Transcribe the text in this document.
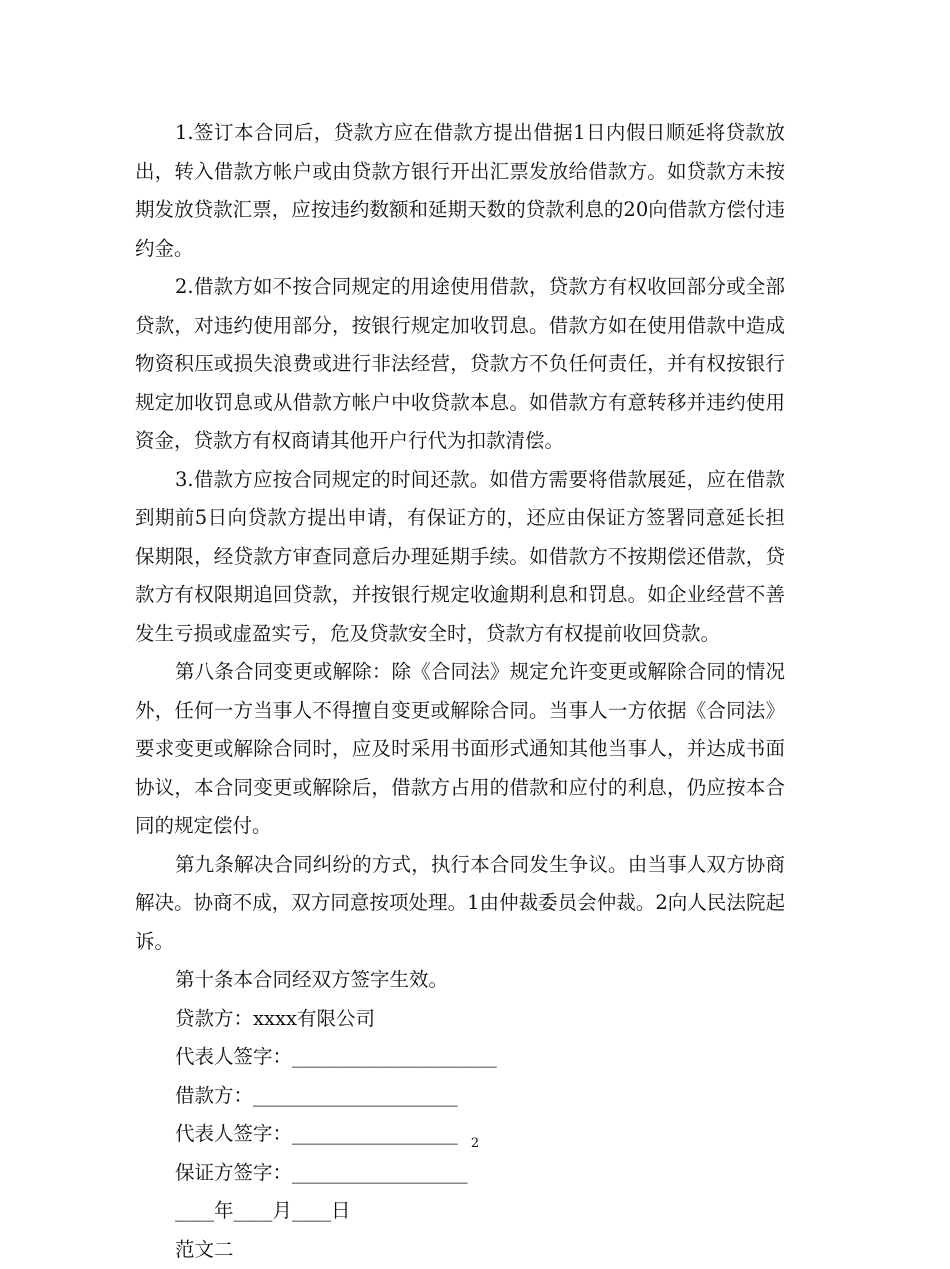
1.签订本合同后，贷款方应在借款方提出借据1日内假日顺延将贷款放出，转入借款方帐户或由贷款方银行开出汇票发放给借款方。如贷款方未按期发放贷款汇票，应按违约数额和延期天数的贷款利息的20向借款方偿付违约金。

2.借款方如不按合同规定的用途使用借款，贷款方有权收回部分或全部贷款，对违约使用部分，按银行规定加收罚息。借款方如在使用借款中造成物资积压或损失浪费或进行非法经营，贷款方不负任何责任，并有权按银行规定加收罚息或从借款方帐户中收贷款本息。如借款方有意转移并违约使用资金，贷款方有权商请其他开户行代为扣款清偿。

3.借款方应按合同规定的时间还款。如借方需要将借款展延，应在借款到期前5日向贷款方提出申请，有保证方的，还应由保证方签署同意延长担保期限，经贷款方审查同意后办理延期手续。如借款方不按期偿还借款，贷款方有权限期追回贷款，并按银行规定收逾期利息和罚息。如企业经营不善发生亏损或虚盈实亏，危及贷款安全时，贷款方有权提前收回贷款。

第八条合同变更或解除：除《合同法》规定允许变更或解除合同的情况外，任何一方当事人不得擅自变更或解除合同。当事人一方依据《合同法》要求变更或解除合同时，应及时采用书面形式通知其他当事人，并达成书面协议，本合同变更或解除后，借款方占用的借款和应付的利息，仍应按本合同的规定偿付。

第九条解决合同纠纷的方式，执行本合同发生争议。由当事人双方协商解决。协商不成，双方同意按项处理。1由仲裁委员会仲裁。2向人民法院起诉。

第十条本合同经双方签字生效。

贷款方：xxxx有限公司

代表人签字：_____________________

借款方：_____________________

代表人签字：_________________

保证方签字：__________________

____年____月____日

范文二

2
